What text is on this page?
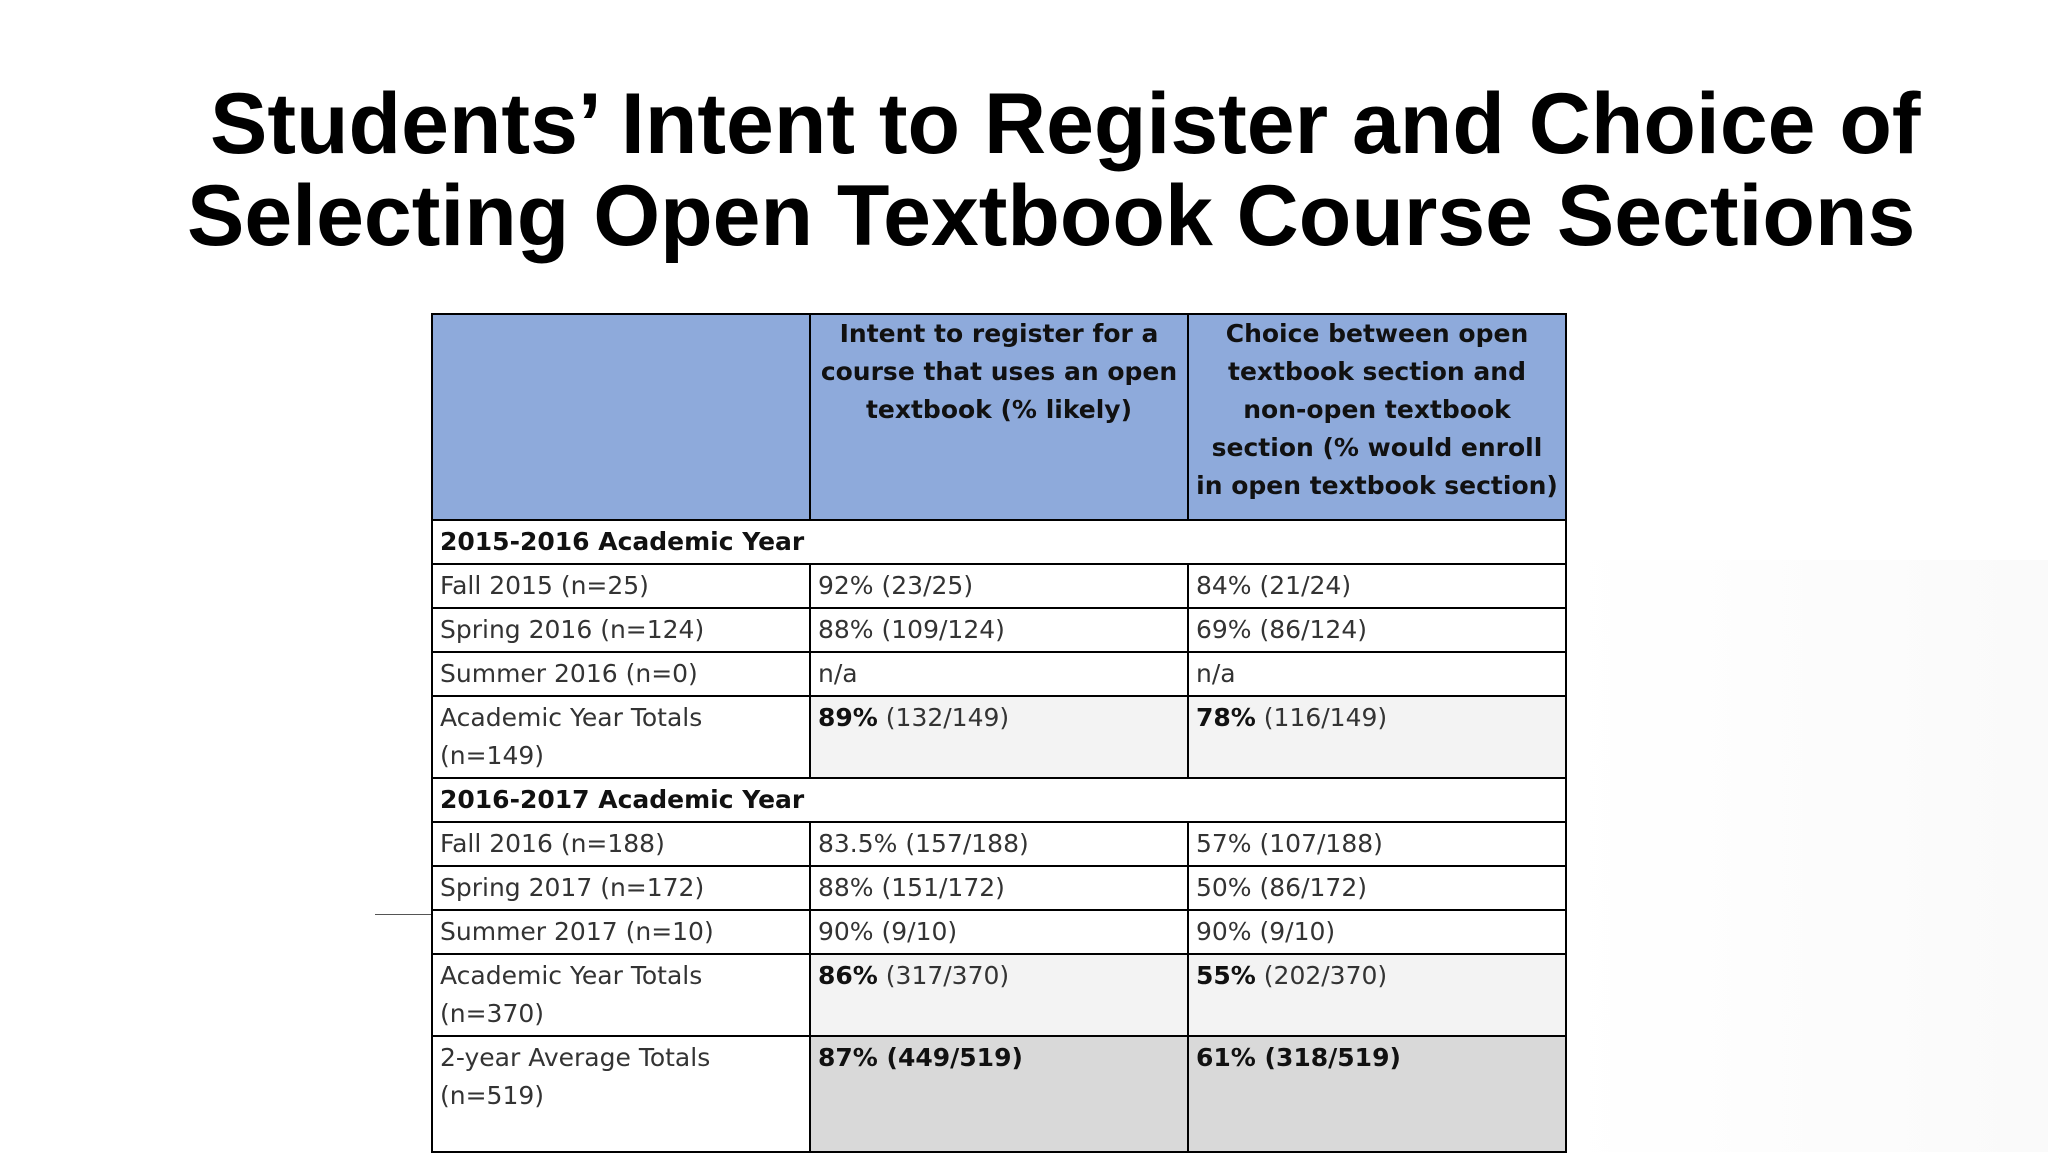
Students’ Intent to Register and Choice of
Selecting Open Textbook Course Sections
	Intent to register for a course that uses an open textbook (% likely)	Choice between open textbook section and non-open textbook section (% would enroll in open textbook section)
2015-2016 Academic Year		
Fall 2015 (n=25)	92% (23/25)	84% (21/24)
Spring 2016 (n=124)	88% (109/124)	69% (86/124)
Summer 2016 (n=0)	n/a	n/a
Academic Year Totals (n=149)	89% (132/149)	78% (116/149)
2016-2017 Academic Year		
Fall 2016 (n=188)	83.5% (157/188)	57% (107/188)
Spring 2017 (n=172)	88% (151/172)	50% (86/172)
Summer 2017 (n=10)	90% (9/10)	90% (9/10)
Academic Year Totals (n=370)	86% (317/370)	55% (202/370)
2-year Average Totals (n=519)	87% (449/519)	61% (318/519)
